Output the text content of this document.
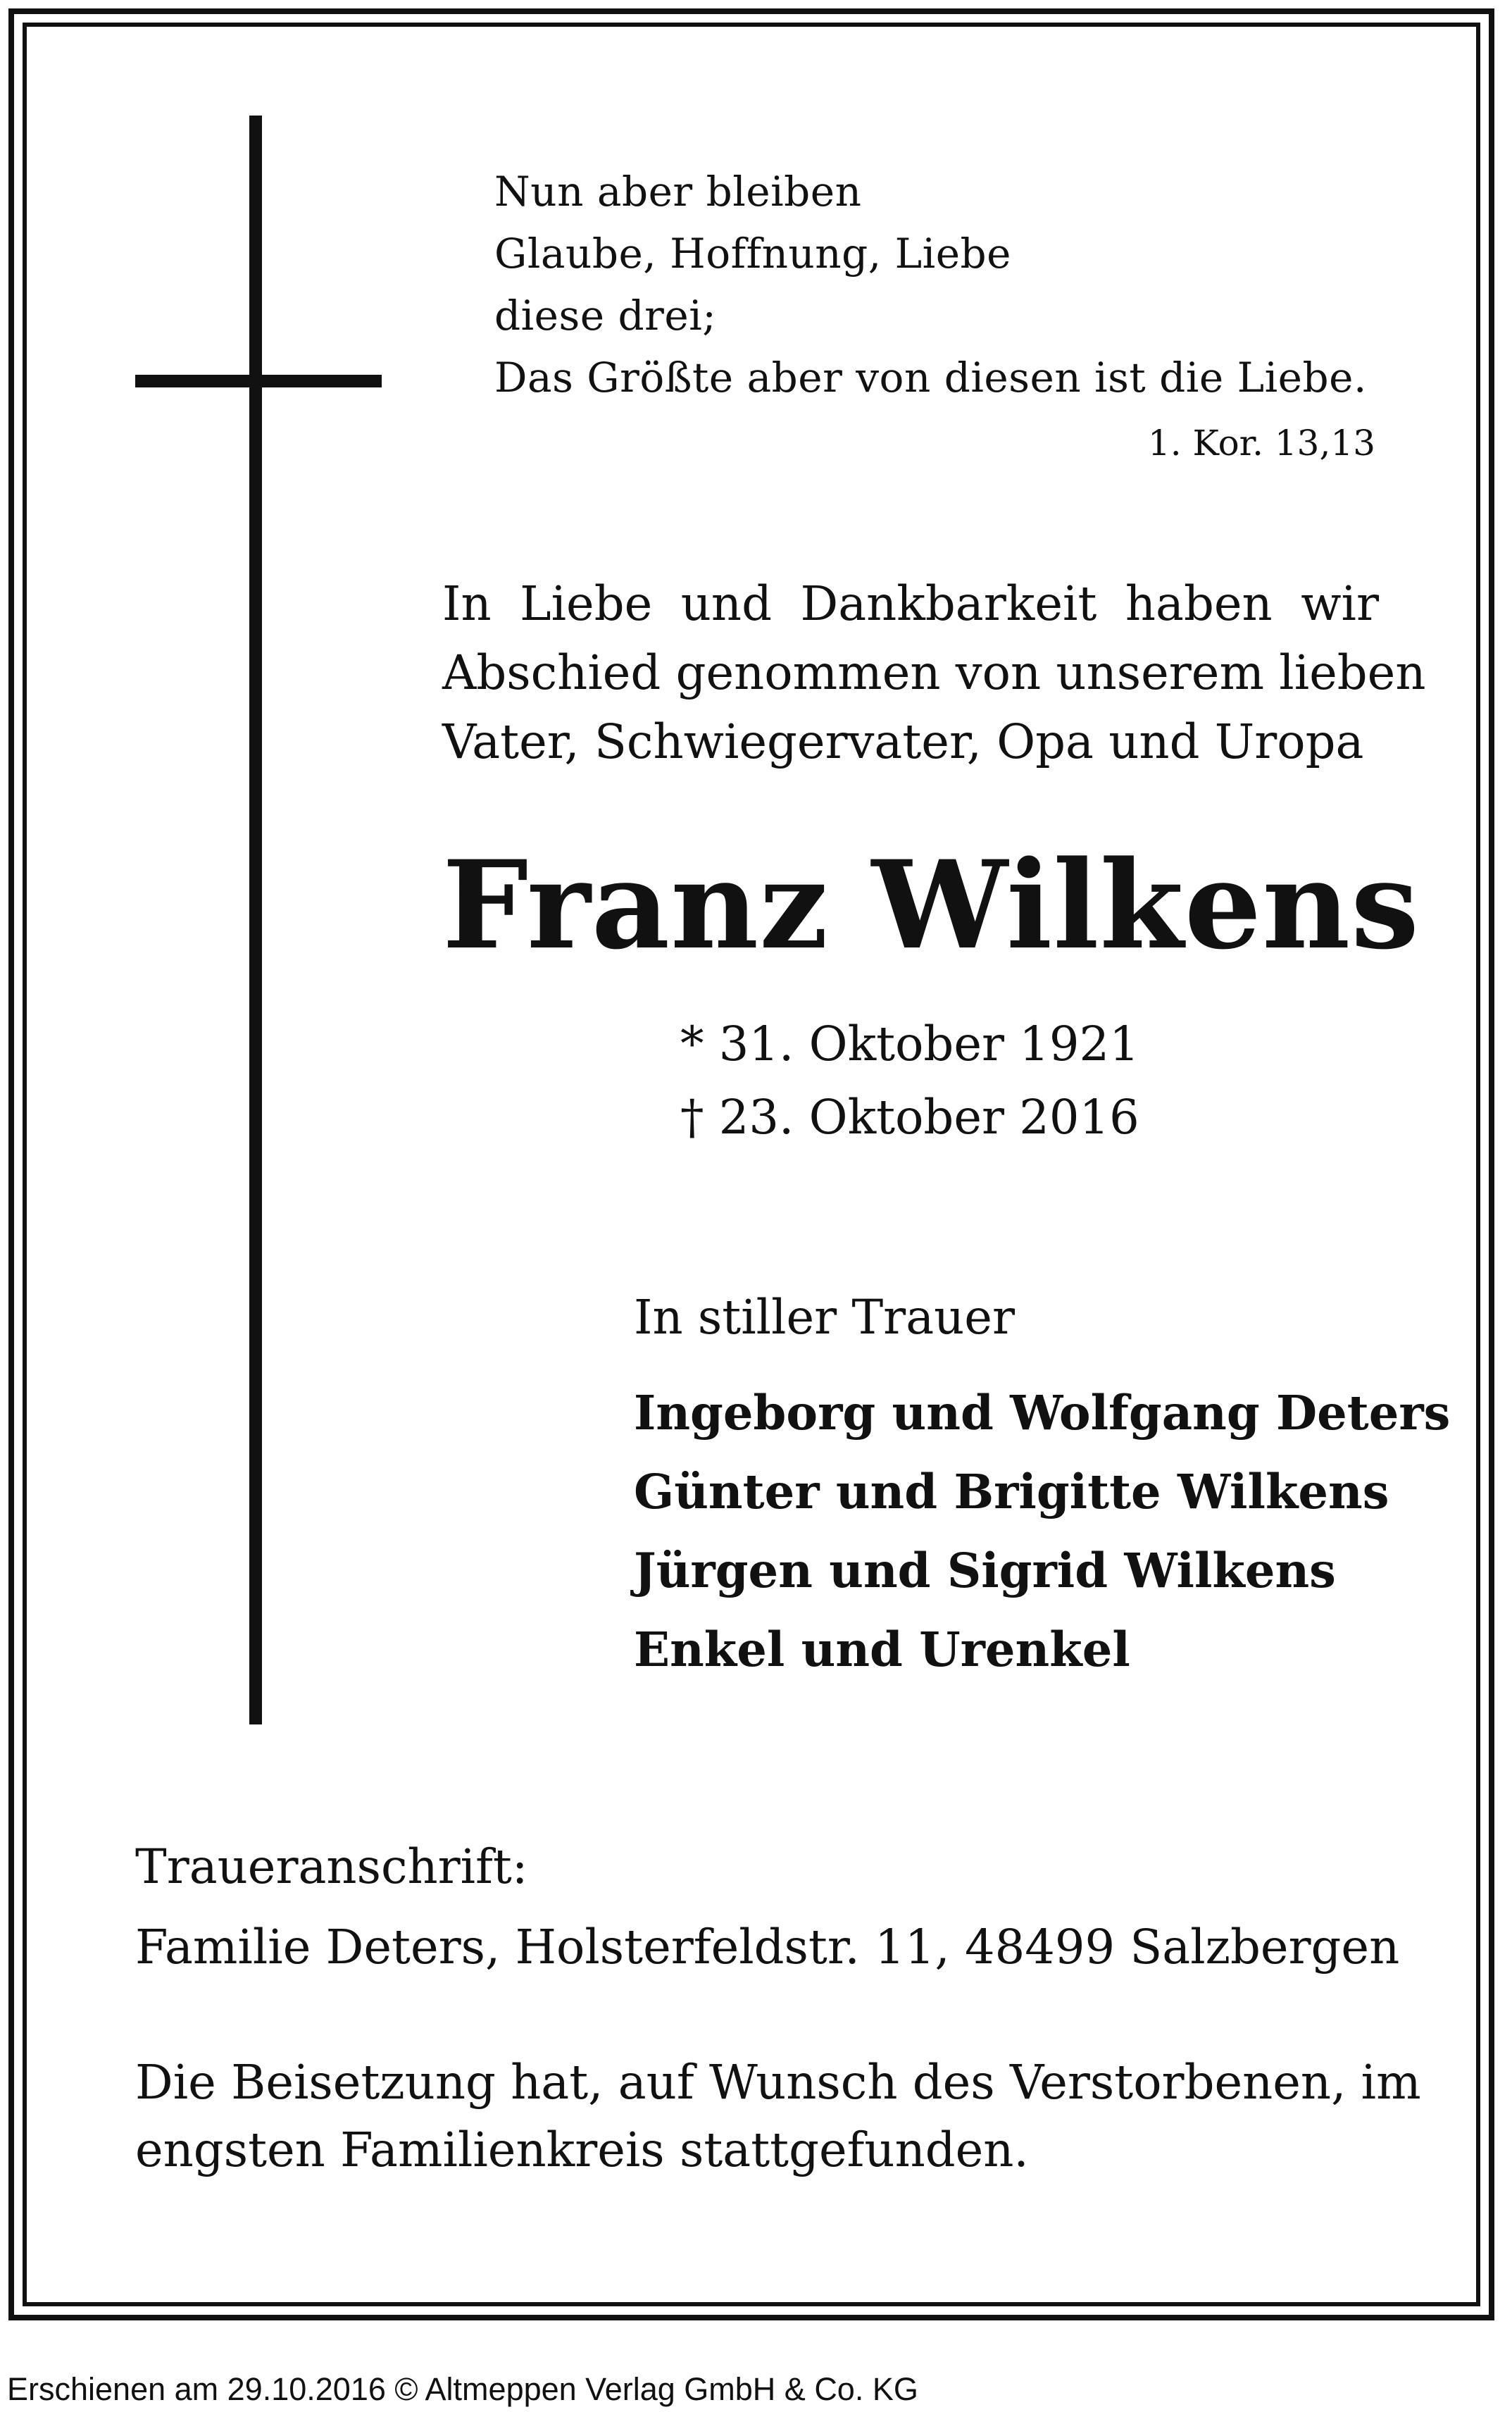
Nun aber bleiben
Glaube, Hoffnung, Liebe
diese drei;
Das Größte aber von diesen ist die Liebe.
1. Kor. 13,13
In Liebe und Dankbarkeit haben wir
Abschied genommen von unserem lieben
Vater, Schwiegervater, Opa und Uropa
Franz Wilkens
* 31. Oktober 1921
† 23. Oktober 2016
In stiller Trauer
Ingeborg und Wolfgang Deters
Günter und Brigitte Wilkens
Jürgen und Sigrid Wilkens
Enkel und Urenkel
Traueranschrift:
Familie Deters, Holsterfeldstr. 11, 48499 Salzbergen
Die Beisetzung hat, auf Wunsch des Verstorbenen, im
engsten Familienkreis stattgefunden.
Erschienen am 29.10.2016 © Altmeppen Verlag GmbH & Co. KG
